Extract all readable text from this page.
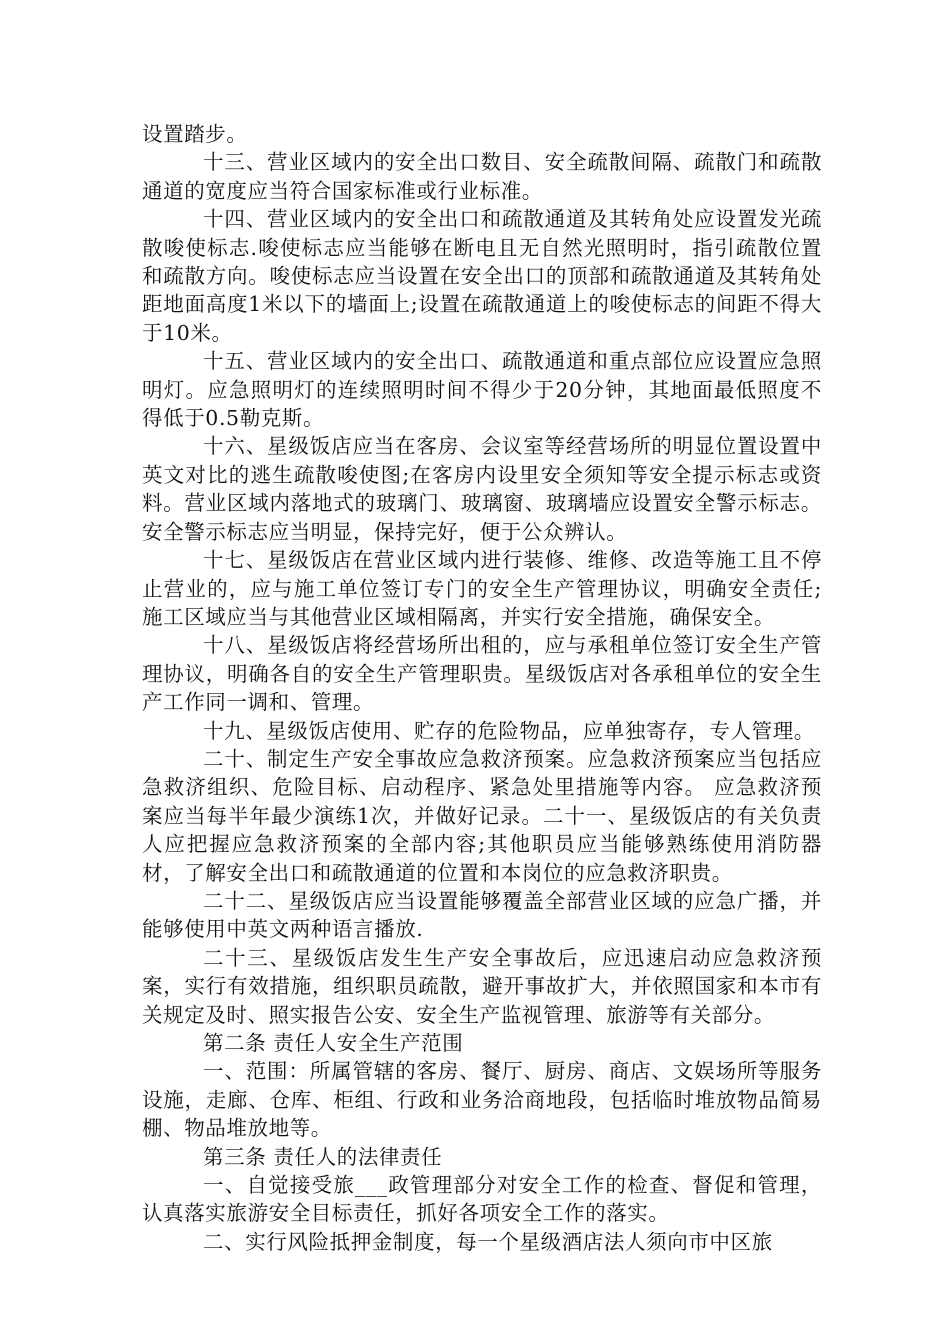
设置踏步。

十三、营业区域内的安全出口数目、安全疏散间隔、疏散门和疏散通道的宽度应当符合国家标准或行业标准。

十四、营业区域内的安全出口和疏散通道及其转角处应设置发光疏散唆使标志.唆使标志应当能够在断电且无自然光照明时，指引疏散位置和疏散方向。唆使标志应当设置在安全出口的顶部和疏散通道及其转角处距地面高度1米以下的墙面上;设置在疏散通道上的唆使标志的间距不得大于10米。

十五、营业区域内的安全出口、疏散通道和重点部位应设置应急照明灯。应急照明灯的连续照明时间不得少于20分钟，其地面最低照度不得低于0.5勒克斯。

十六、星级饭店应当在客房、会议室等经营场所的明显位置设置中英文对比的逃生疏散唆使图;在客房内设里安全须知等安全提示标志或资料。营业区域内落地式的玻璃门、玻璃窗、玻璃墙应设置安全警示标志。 安全警示标志应当明显，保持完好，便于公众辨认。

十七、星级饭店在营业区域内进行装修、维修、改造等施工且不停止营业的，应与施工单位签订专门的安全生产管理协议，明确安全责任;施工区域应当与其他营业区域相隔离，并实行安全措施，确保安全。

十八、星级饭店将经营场所出租的，应与承租单位签订安全生产管理协议，明确各自的安全生产管理职贵。星级饭店对各承租单位的安全生产工作同一调和、管理。

十九、星级饭店使用、贮存的危险物品，应单独寄存，专人管理。

二十、制定生产安全事故应急救济预案。应急救济预案应当包括应急救济组织、危险目标、启动程序、紧急处里措施等内容。 应急救济预案应当每半年最少演练1次，并做好记录。二十一、星级饭店的有关负责人应把握应急救济预案的全部内容;其他职员应当能够熟练使用消防器材，了解安全出口和疏散通道的位置和本岗位的应急救济职贵。

二十二、星级饭店应当设置能够覆盖全部营业区域的应急广播，并能够使用中英文两种语言播放.

二十三、星级饭店发生生产安全事故后，应迅速启动应急救济预案，实行有效措施，组织职员疏散，避开事故扩大，并依照国家和本市有关规定及时、照实报告公安、安全生产监视管理、旅游等有关部分。

第二条 责任人安全生产范围

一、范围：所属管辖的客房、餐厅、厨房、商店、文娱场所等服务设施，走廊、仓库、柜组、行政和业务洽商地段，包括临时堆放物品简易棚、物品堆放地等。

第三条 责任人的法律责任

一、自觉接受旅___政管理部分对安全工作的检查、督促和管理，认真落实旅游安全目标责任，抓好各项安全工作的落实。

二、实行风险抵押金制度，每一个星级酒店法人须向市中区旅
